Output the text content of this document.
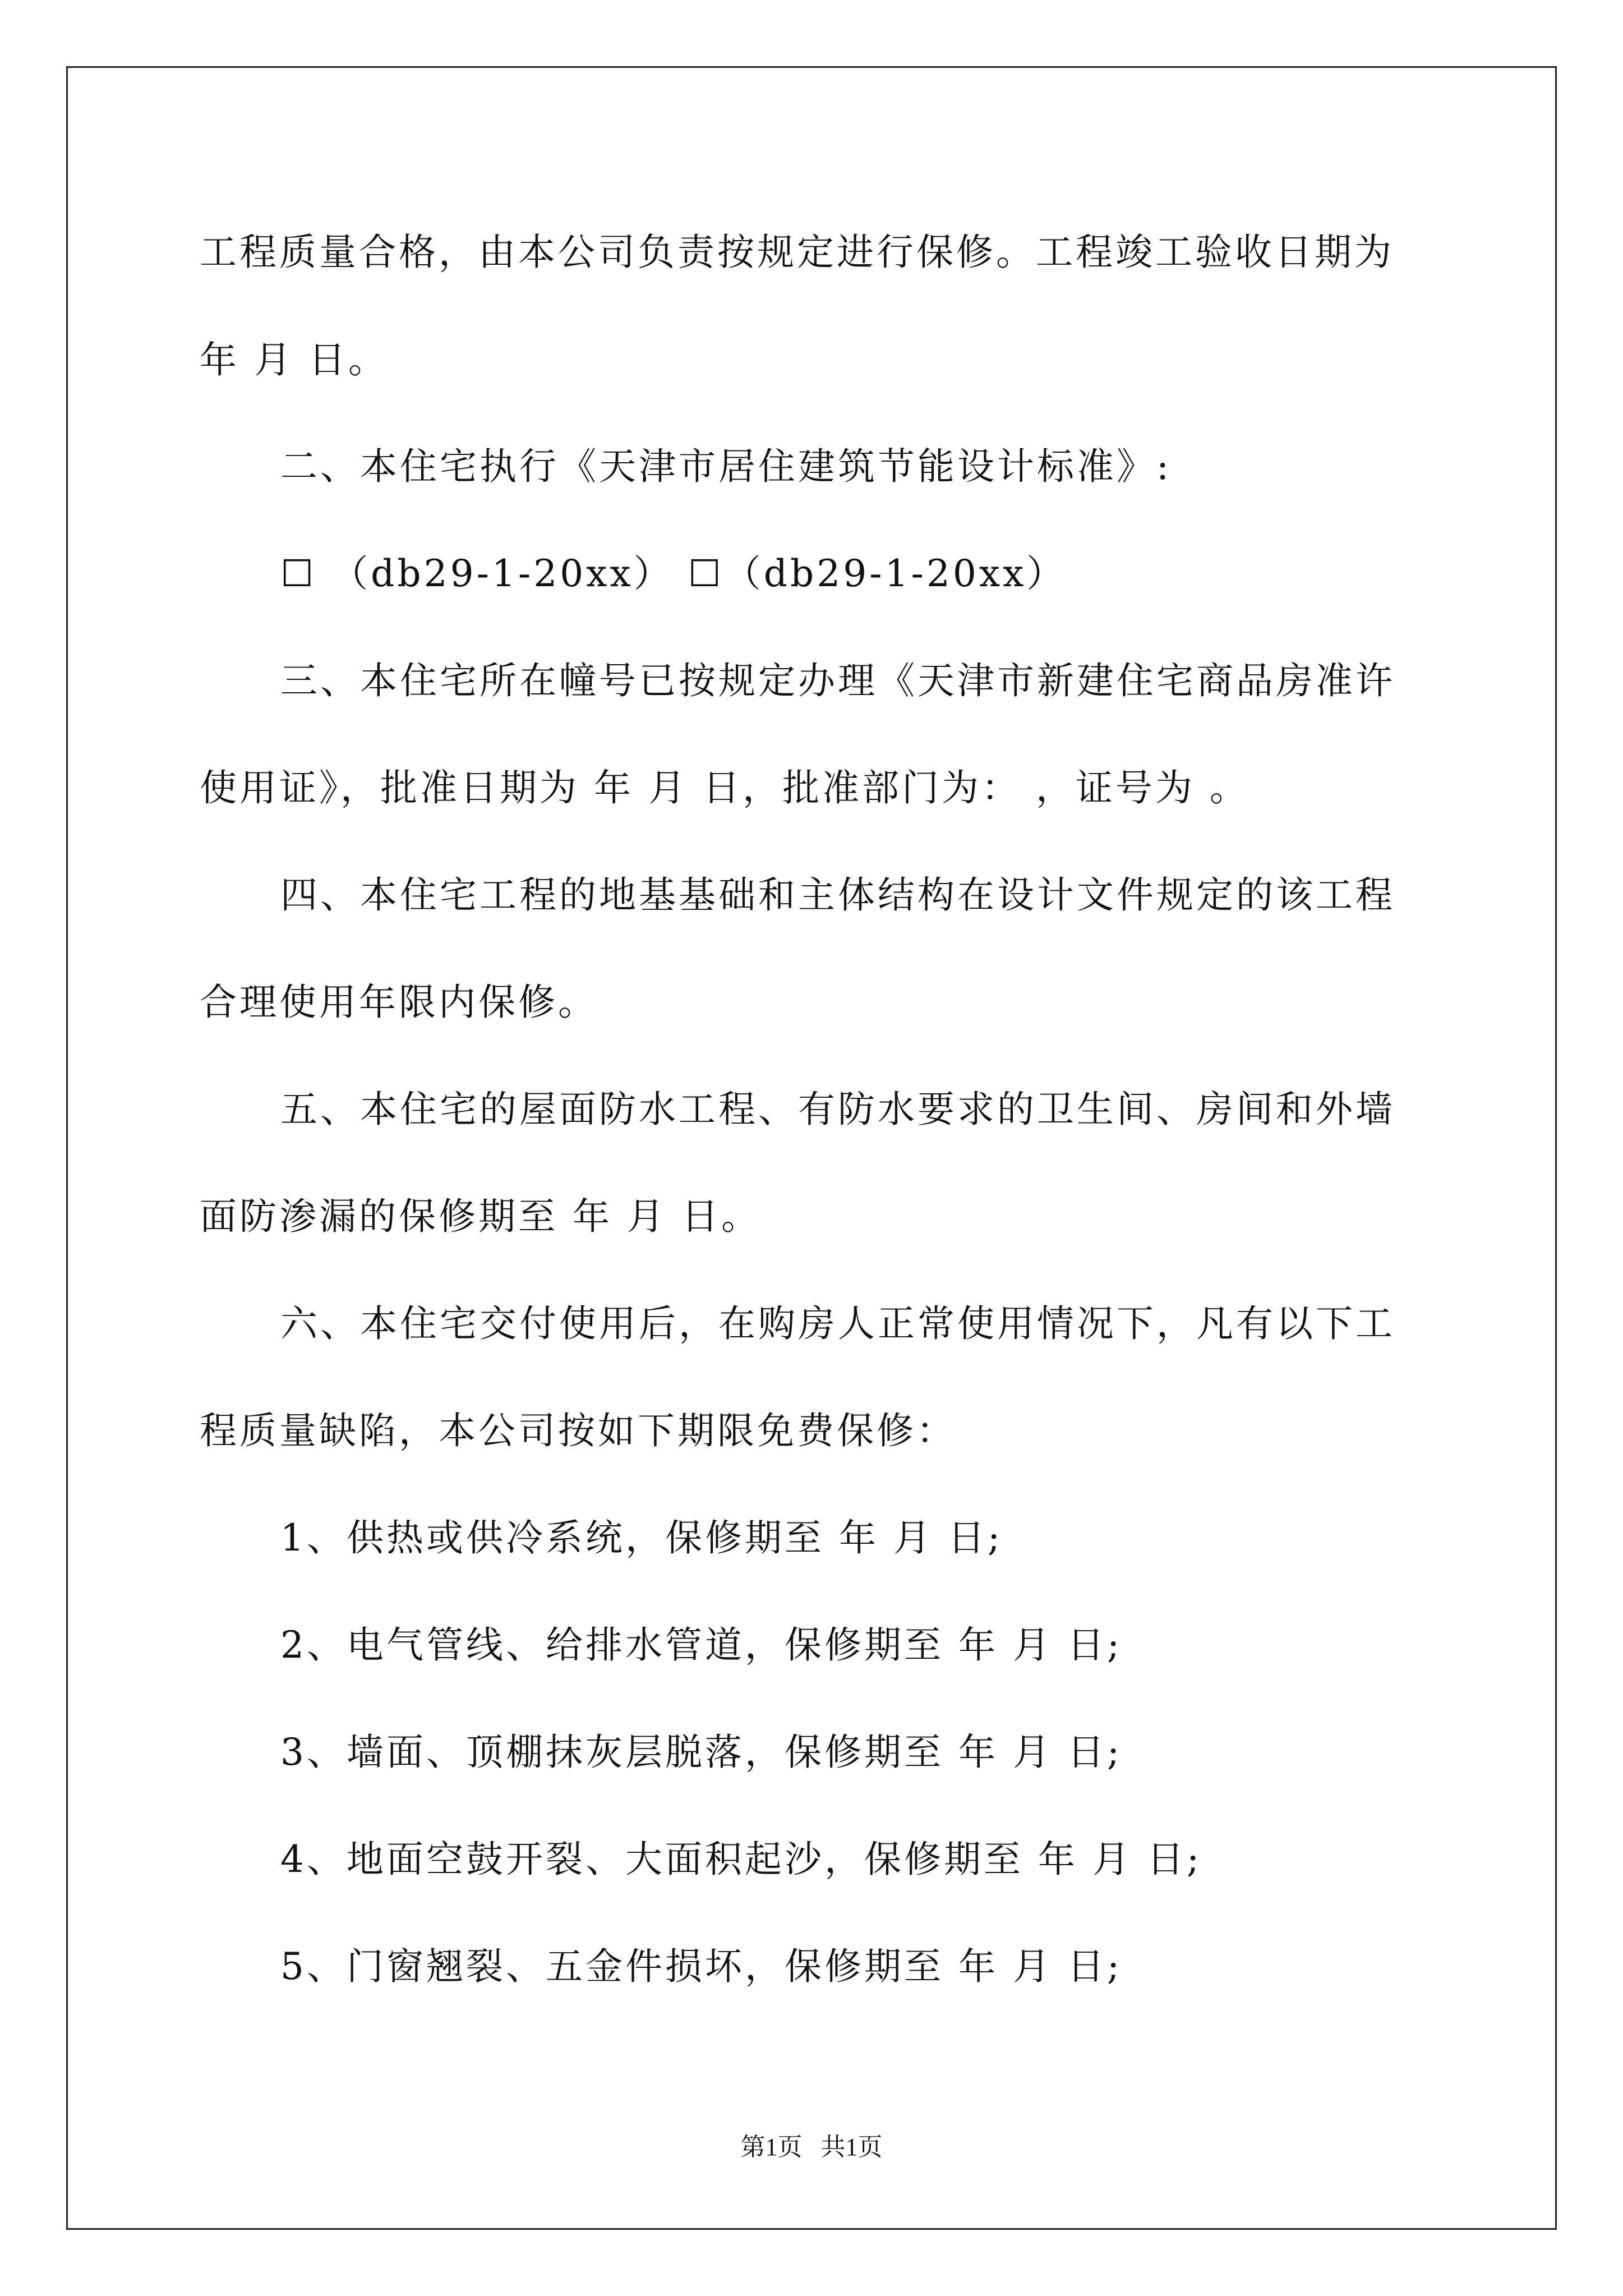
工程质量合格，由本公司负责按规定进行保修。工程竣工验收日期为
年 月 日。
二、本住宅执行《天津市居住建筑节能设计标准》:
☐ （db29-1-20xx） ☐（db29-1-20xx）
三、本住宅所在幢号已按规定办理《天津市新建住宅商品房准许
使用证》，批准日期为 年 月 日，批准部门为： ，证号为 。
四、本住宅工程的地基基础和主体结构在设计文件规定的该工程
合理使用年限内保修。
五、本住宅的屋面防水工程、有防水要求的卫生间、房间和外墙
面防渗漏的保修期至 年 月 日。
六、本住宅交付使用后，在购房人正常使用情况下，凡有以下工
程质量缺陷，本公司按如下期限免费保修：
1、供热或供冷系统，保修期至 年 月 日;
2、电气管线、给排水管道，保修期至 年 月 日;
3、墙面、顶棚抹灰层脱落，保修期至 年 月 日;
4、地面空鼓开裂、大面积起沙，保修期至 年 月 日;
5、门窗翘裂、五金件损坏，保修期至 年 月 日;
第1页   共1页
